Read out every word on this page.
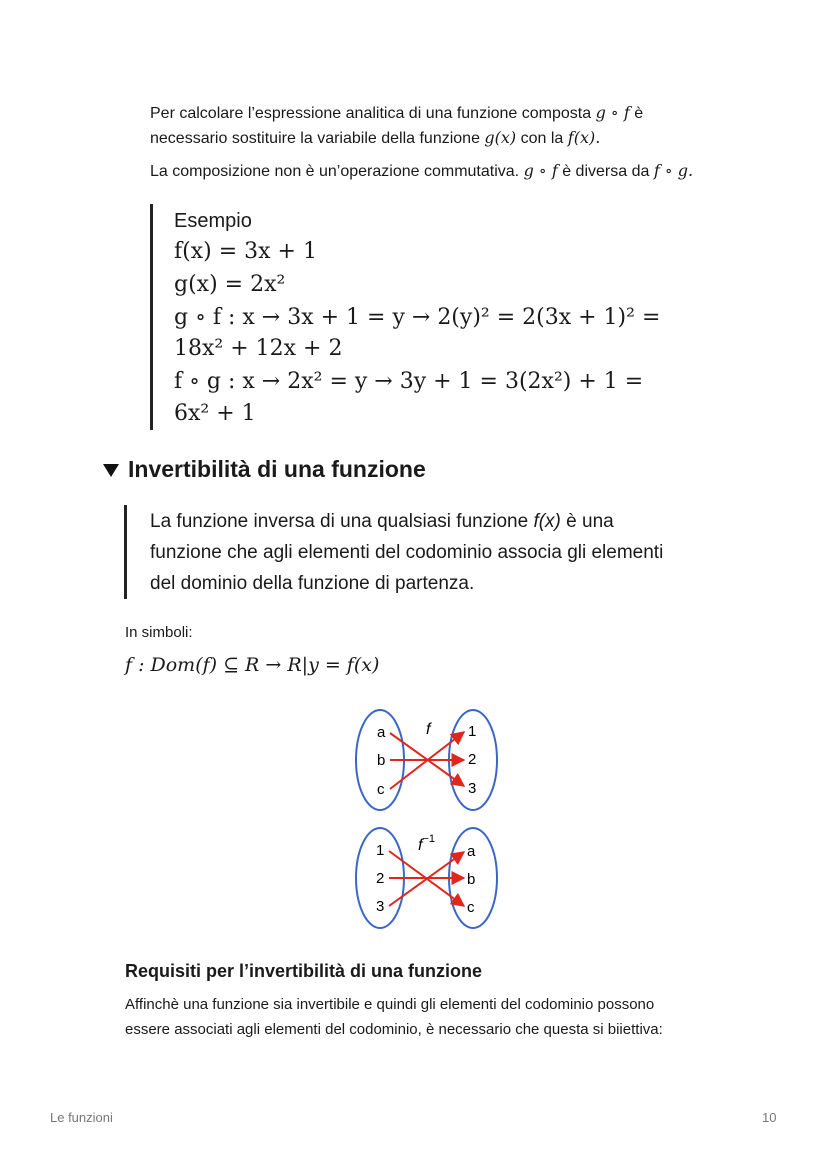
Per calcolare l’espressione analitica di una funzione composta g ∘ f è
necessario sostituire la variabile della funzione g(x) con la f(x).
La composizione non è un’operazione commutativa. g ∘ f è diversa da f ∘ g.
Esempio
f(x) = 3x + 1
g(x) = 2x²
g ∘ f : x → 3x + 1 = y → 2(y)² = 2(3x + 1)² =
18x² + 12x + 2
f ∘ g : x → 2x² = y → 3y + 1 = 3(2x²) + 1 =
6x² + 1
Invertibilità di una funzione
La funzione inversa di una qualsiasi funzione f(x) è una
funzione che agli elementi del codominio associa gli elementi
del dominio della funzione di partenza.
In simboli:
f : Dom(f) ⊆ R → R|y = f(x)
f
a
b
c
1
2
3
$f^{-1}$
1
2
3
a
b
c
Requisiti per l’invertibilità di una funzione
Affinchè una funzione sia invertibile e quindi gli elementi del codominio possono
essere associati agli elementi del codominio, è necessario che questa si biiettiva:
Le funzioni	10
